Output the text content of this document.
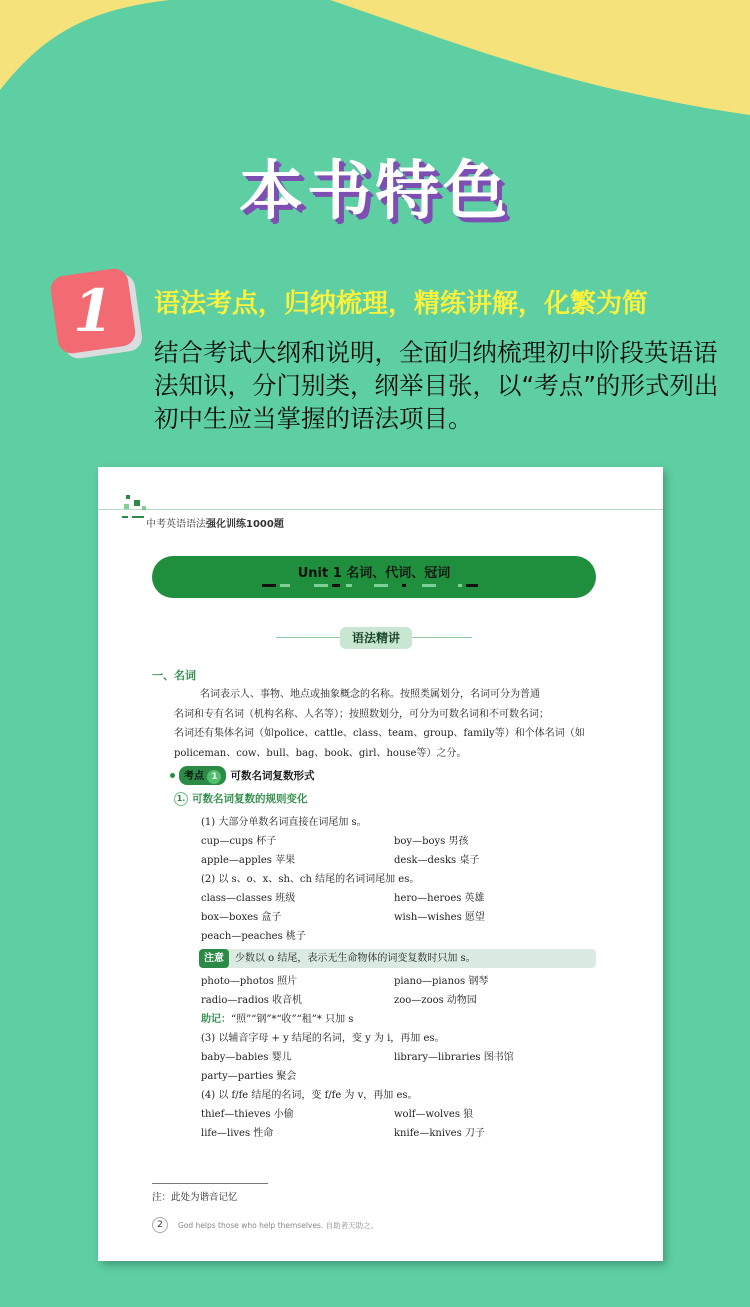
本书特色
1 语法考点，归纳梳理，精练讲解，化繁为简
结合考试大纲和说明，全面归纳梳理初中阶段英语语法知识，分门别类，纲举目张，以“考点”的形式列出初中生应当掌握的语法项目。
中考英语语法强化训练1000题
Unit 1 名词、代词、冠词
语法精讲
一、名词
名词表示人、事物、地点或抽象概念的名称。按照类属划分，名词可分为普通
名词和专有名词（机构名称、人名等）；按照数划分，可分为可数名词和不可数名词；
名词还有集体名词（如police、cattle、class、team、group、family等）和个体名词（如
policeman、cow、bull、bag、book、girl、house等）之分。
考点 1	可数名词复数形式
1. 可数名词复数的规则变化
(1) 大部分单数名词直接在词尾加 s。
cup—cups 杯子	boy—boys 男孩
apple—apples 苹果	desk—desks 桌子
(2) 以 s、o、x、sh、ch 结尾的名词词尾加 es。
class—classes 班级	hero—heroes 英雄
box—boxes 盒子	wish—wishes 愿望
peach—peaches 桃子
注意	少数以 o 结尾，表示无生命物体的词变复数时只加 s。
photo—photos 照片	piano—pianos 钢琴
radio—radios 收音机	zoo—zoos 动物园
助记：“照”“钢”*“收”“租”* 只加 s
(3) 以辅音字母 + y 结尾的名词，变 y 为 i，再加 es。
baby—babies 婴儿	library—libraries 图书馆
party—parties 聚会
(4) 以 f/fe 结尾的名词，变 f/fe 为 v，再加 es。
thief—thieves 小偷	wolf—wolves 狼
life—lives 性命	knife—knives 刀子
注：此处为谐音记忆
2	God helps those who help themselves. 自助者天助之。
